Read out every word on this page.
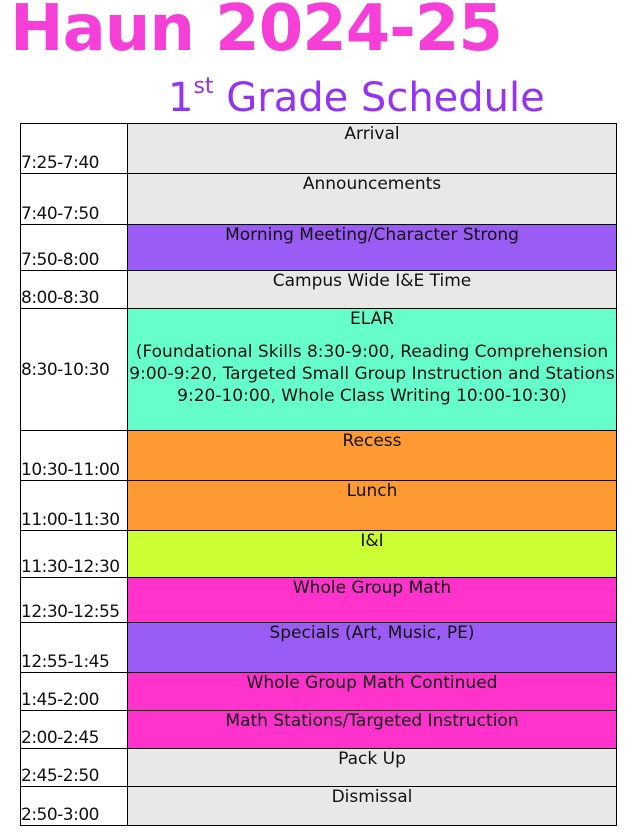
Haun 2024-25
1st Grade Schedule
7:25-7:40	Arrival
7:40-7:50	Announcements
7:50-8:00	Morning Meeting/Character Strong
8:00-8:30	Campus Wide I&E Time
8:30-10:30	ELAR
(Foundational Skills 8:30-9:00, Reading Comprehension 9:00-9:20, Targeted Small Group Instruction and Stations 9:20-10:00, Whole Class Writing 10:00-10:30)

10:30-11:00	Recess
11:00-11:30	Lunch
11:30-12:30	I&I
12:30-12:55	Whole Group Math
12:55-1:45	Specials (Art, Music, PE)
1:45-2:00	Whole Group Math Continued
2:00-2:45	Math Stations/Targeted Instruction
2:45-2:50	Pack Up
2:50-3:00	Dismissal
